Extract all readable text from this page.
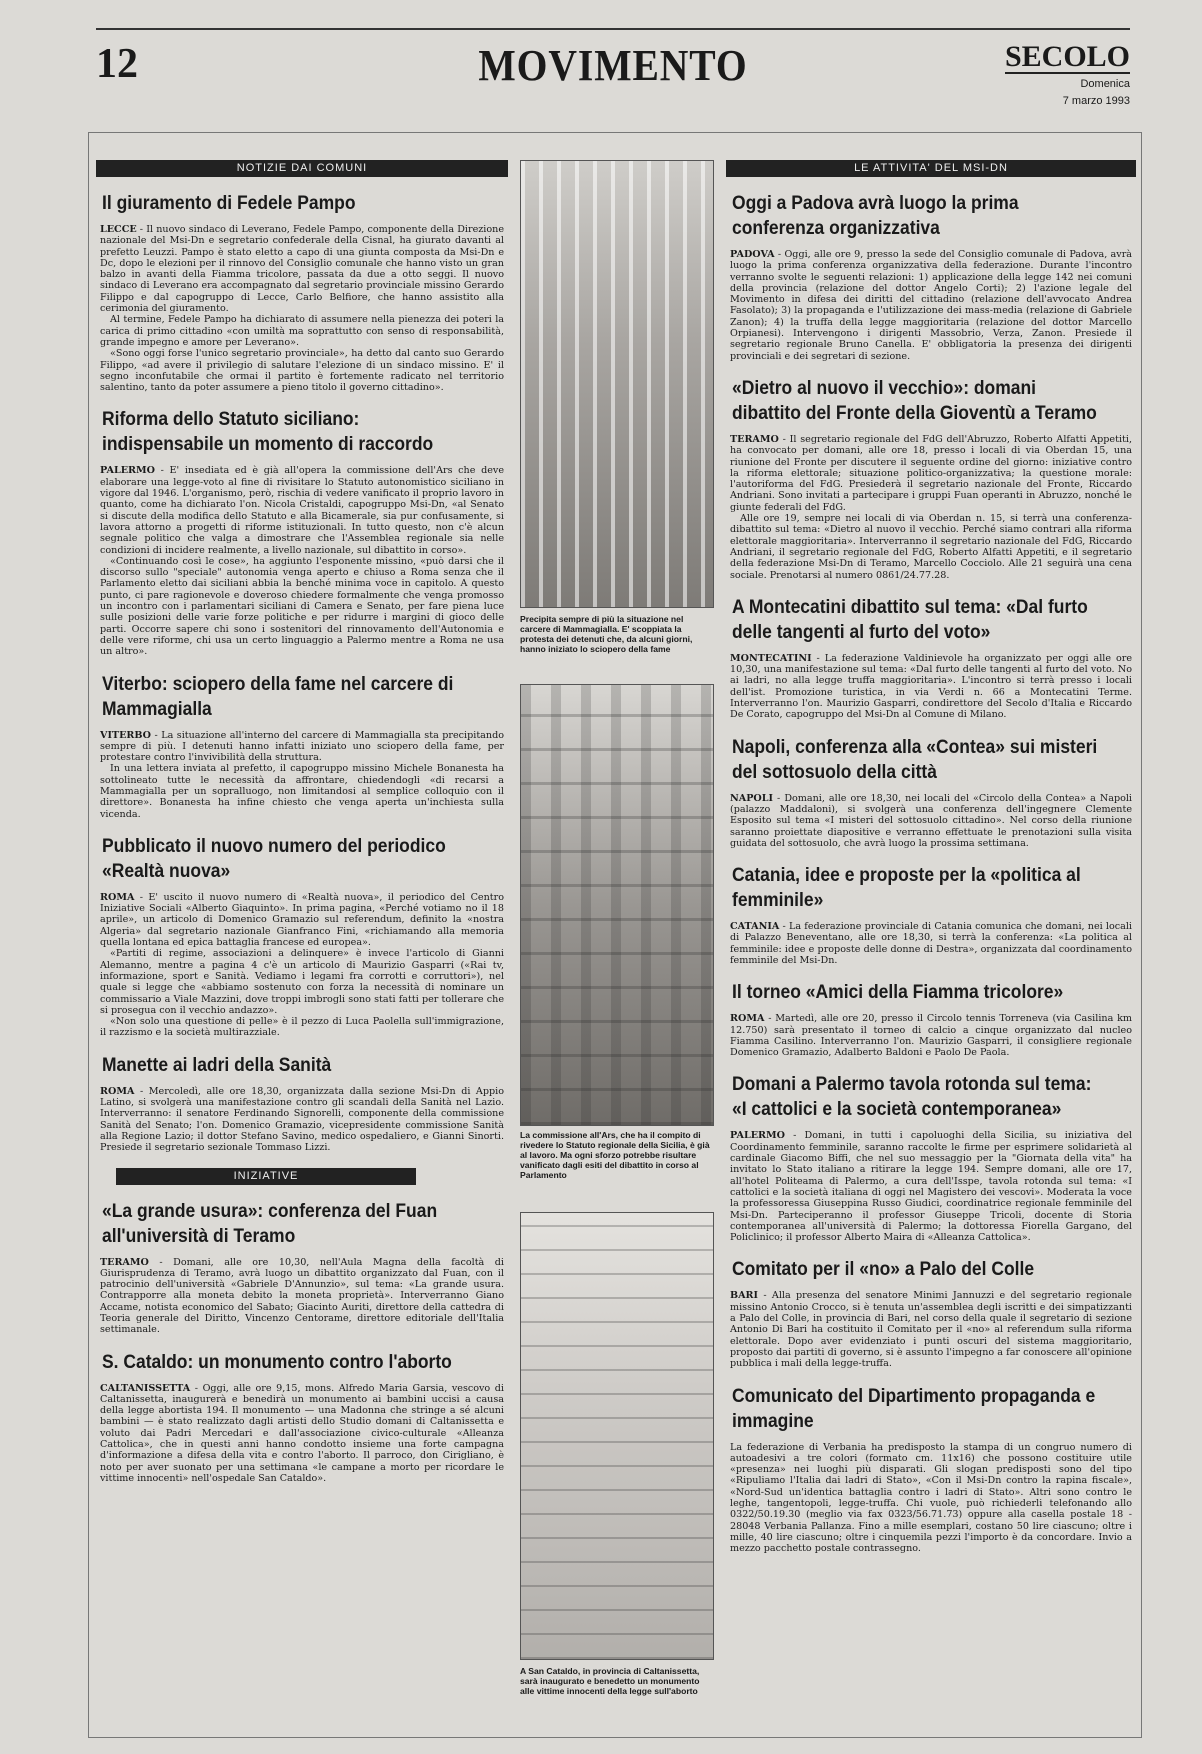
12	MOVIMENTO	SECOLO
Domenica
7 marzo 1993
NOTIZIE DAI COMUNI
Il giuramento di Fedele Pampo

LECCE - Il nuovo sindaco di Leverano, Fedele Pampo, componente della Direzione nazionale del Msi-Dn e segretario confederale della Cisnal, ha giurato davanti al prefetto Leuzzi. Pampo è stato eletto a capo di una giunta composta da Msi-Dn e Dc, dopo le elezioni per il rinnovo del Consiglio comunale che hanno visto un gran balzo in avanti della Fiamma tricolore, passata da due a otto seggi. Il nuovo sindaco di Leverano era accompagnato dal segretario provinciale missino Gerardo Filippo e dal capogruppo di Lecce, Carlo Belfiore, che hanno assistito alla cerimonia del giuramento.

Al termine, Fedele Pampo ha dichiarato di assumere nella pienezza dei poteri la carica di primo cittadino «con umiltà ma soprattutto con senso di responsabilità, grande impegno e amore per Leverano».

«Sono oggi forse l'unico segretario provinciale», ha detto dal canto suo Gerardo Filippo, «ad avere il privilegio di salutare l'elezione di un sindaco missino. E' il segno inconfutabile che ormai il partito è fortemente radicato nel territorio salentino, tanto da poter assumere a pieno titolo il governo cittadino».

Riforma dello Statuto siciliano: indispensabile un momento di raccordo

PALERMO - E' insediata ed è già all'opera la commissione dell'Ars che deve elaborare una legge-voto al fine di rivisitare lo Statuto autonomistico siciliano in vigore dal 1946. L'organismo, però, rischia di vedere vanificato il proprio lavoro in quanto, come ha dichiarato l'on. Nicola Cristaldi, capogruppo Msi-Dn, «al Senato si discute della modifica dello Statuto e alla Bicamerale, sia pur confusamente, si lavora attorno a progetti di riforme istituzionali. In tutto questo, non c'è alcun segnale politico che valga a dimostrare che l'Assemblea regionale sia nelle condizioni di incidere realmente, a livello nazionale, sul dibattito in corso».

«Continuando così le cose», ha aggiunto l'esponente missino, «può darsi che il discorso sullo "speciale" autonomia venga aperto e chiuso a Roma senza che il Parlamento eletto dai siciliani abbia la benché minima voce in capitolo. A questo punto, ci pare ragionevole e doveroso chiedere formalmente che venga promosso un incontro con i parlamentari siciliani di Camera e Senato, per fare piena luce sulle posizioni delle varie forze politiche e per ridurre i margini di gioco delle parti. Occorre sapere chi sono i sostenitori del rinnovamento dell'Autonomia e delle vere riforme, chi usa un certo linguaggio a Palermo mentre a Roma ne usa un altro».

Viterbo: sciopero della fame nel carcere di Mammagialla

VITERBO - La situazione all'interno del carcere di Mammagialla sta precipitando sempre di più. I detenuti hanno infatti iniziato uno sciopero della fame, per protestare contro l'invivibilità della struttura.

In una lettera inviata al prefetto, il capogruppo missino Michele Bonanesta ha sottolineato tutte le necessità da affrontare, chiedendogli «di recarsi a Mammagialla per un sopralluogo, non limitandosi al semplice colloquio con il direttore». Bonanesta ha infine chiesto che venga aperta un'inchiesta sulla vicenda.

Pubblicato il nuovo numero del periodico «Realtà nuova»

ROMA - E' uscito il nuovo numero di «Realtà nuova», il periodico del Centro Iniziative Sociali «Alberto Giaquinto». In prima pagina, «Perché votiamo no il 18 aprile», un articolo di Domenico Gramazio sul referendum, definito la «nostra Algeria» dal segretario nazionale Gianfranco Fini, «richiamando alla memoria quella lontana ed epica battaglia francese ed europea».

«Partiti di regime, associazioni a delinquere» è invece l'articolo di Gianni Alemanno, mentre a pagina 4 c'è un articolo di Maurizio Gasparri («Rai tv, informazione, sport e Sanità. Vediamo i legami fra corrotti e corruttori»), nel quale si legge che «abbiamo sostenuto con forza la necessità di nominare un commissario a Viale Mazzini, dove troppi imbrogli sono stati fatti per tollerare che si prosegua con il vecchio andazzo».

«Non solo una questione di pelle» è il pezzo di Luca Paolella sull'immigrazione, il razzismo e la società multirazziale.

Manette ai ladri della Sanità

ROMA - Mercoledì, alle ore 18,30, organizzata dalla sezione Msi-Dn di Appio Latino, si svolgerà una manifestazione contro gli scandali della Sanità nel Lazio. Interverranno: il senatore Ferdinando Signorelli, componente della commissione Sanità del Senato; l'on. Domenico Gramazio, vicepresidente commissione Sanità alla Regione Lazio; il dottor Stefano Savino, medico ospedaliero, e Gianni Sinorti. Presiede il segretario sezionale Tommaso Lizzi.

INIZIATIVE
«La grande usura»: conferenza del Fuan all'università di Teramo

TERAMO - Domani, alle ore 10,30, nell'Aula Magna della facoltà di Giurisprudenza di Teramo, avrà luogo un dibattito organizzato dal Fuan, con il patrocinio dell'università «Gabriele D'Annunzio», sul tema: «La grande usura. Contrapporre alla moneta debito la moneta proprietà». Interverranno Giano Accame, notista economico del Sabato; Giacinto Auriti, direttore della cattedra di Teoria generale del Diritto, Vincenzo Centorame, direttore editoriale dell'Italia settimanale.

S. Cataldo: un monumento contro l'aborto

CALTANISSETTA - Oggi, alle ore 9,15, mons. Alfredo Maria Garsia, vescovo di Caltanissetta, inaugurerà e benedirà un monumento ai bambini uccisi a causa della legge abortista 194. Il monumento — una Madonna che stringe a sé alcuni bambini — è stato realizzato dagli artisti dello Studio domani di Caltanissetta e voluto dai Padri Mercedari e dall'associazione civico-culturale «Alleanza Cattolica», che in questi anni hanno condotto insieme una forte campagna d'informazione a difesa della vita e contro l'aborto. Il parroco, don Cirigliano, è noto per aver suonato per una settimana «le campane a morto per ricordare le vittime innocenti» nell'ospedale San Cataldo».

Precipita sempre di più la situazione nel carcere di Mammagialla. E' scoppiata la protesta dei detenuti che, da alcuni giorni, hanno iniziato lo sciopero della fame
La commissione all'Ars, che ha il compito di rivedere lo Statuto regionale della Sicilia, è già al lavoro. Ma ogni sforzo potrebbe risultare vanificato dagli esiti del dibattito in corso al Parlamento
A San Cataldo, in provincia di Caltanissetta, sarà inaugurato e benedetto un monumento alle vittime innocenti della legge sull'aborto
LE ATTIVITA' DEL MSI-DN
Oggi a Padova avrà luogo la prima conferenza organizzativa

PADOVA - Oggi, alle ore 9, presso la sede del Consiglio comunale di Padova, avrà luogo la prima conferenza organizzativa della federazione. Durante l'incontro verranno svolte le seguenti relazioni: 1) applicazione della legge 142 nei comuni della provincia (relazione del dottor Angelo Corti); 2) l'azione legale del Movimento in difesa dei diritti del cittadino (relazione dell'avvocato Andrea Fasolato); 3) la propaganda e l'utilizzazione dei mass-media (relazione di Gabriele Zanon); 4) la truffa della legge maggioritaria (relazione del dottor Marcello Orpianesi). Intervengono i dirigenti Massobrio, Verza, Zanon. Presiede il segretario regionale Bruno Canella. E' obbligatoria la presenza dei dirigenti provinciali e dei segretari di sezione.

«Dietro al nuovo il vecchio»: domani dibattito del Fronte della Gioventù a Teramo

TERAMO - Il segretario regionale del FdG dell'Abruzzo, Roberto Alfatti Appetiti, ha convocato per domani, alle ore 18, presso i locali di via Oberdan 15, una riunione del Fronte per discutere il seguente ordine del giorno: iniziative contro la riforma elettorale; situazione politico-organizzativa; la questione morale: l'autoriforma del FdG. Presiederà il segretario nazionale del Fronte, Riccardo Andriani. Sono invitati a partecipare i gruppi Fuan operanti in Abruzzo, nonché le giunte federali del FdG.

Alle ore 19, sempre nei locali di via Oberdan n. 15, si terrà una conferenza-dibattito sul tema: «Dietro al nuovo il vecchio. Perché siamo contrari alla riforma elettorale maggioritaria». Interverranno il segretario nazionale del FdG, Riccardo Andriani, il segretario regionale del FdG, Roberto Alfatti Appetiti, e il segretario della federazione Msi-Dn di Teramo, Marcello Cocciolo. Alle 21 seguirà una cena sociale. Prenotarsi al numero 0861/24.77.28.

A Montecatini dibattito sul tema: «Dal furto delle tangenti al furto del voto»

MONTECATINI - La federazione Valdinievole ha organizzato per oggi alle ore 10,30, una manifestazione sul tema: «Dal furto delle tangenti al furto del voto. No ai ladri, no alla legge truffa maggioritaria». L'incontro si terrà presso i locali dell'ist. Promozione turistica, in via Verdi n. 66 a Montecatini Terme. Interverranno l'on. Maurizio Gasparri, condirettore del Secolo d'Italia e Riccardo De Corato, capogruppo del Msi-Dn al Comune di Milano.

Napoli, conferenza alla «Contea» sui misteri del sottosuolo della città

NAPOLI - Domani, alle ore 18,30, nei locali del «Circolo della Contea» a Napoli (palazzo Maddaloni), si svolgerà una conferenza dell'ingegnere Clemente Esposito sul tema «I misteri del sottosuolo cittadino». Nel corso della riunione saranno proiettate diapositive e verranno effettuate le prenotazioni sulla visita guidata del sottosuolo, che avrà luogo la prossima settimana.

Catania, idee e proposte per la «politica al femminile»

CATANIA - La federazione provinciale di Catania comunica che domani, nei locali di Palazzo Beneventano, alle ore 18,30, si terrà la conferenza: «La politica al femminile: idee e proposte delle donne di Destra», organizzata dal coordinamento femminile del Msi-Dn.

Il torneo «Amici della Fiamma tricolore»

ROMA - Martedì, alle ore 20, presso il Circolo tennis Torreneva (via Casilina km 12.750) sarà presentato il torneo di calcio a cinque organizzato dal nucleo Fiamma Casilino. Interverranno l'on. Maurizio Gasparri, il consigliere regionale Domenico Gramazio, Adalberto Baldoni e Paolo De Paola.

Domani a Palermo tavola rotonda sul tema: «I cattolici e la società contemporanea»

PALERMO - Domani, in tutti i capoluoghi della Sicilia, su iniziativa del Coordinamento femminile, saranno raccolte le firme per esprimere solidarietà al cardinale Giacomo Biffi, che nel suo messaggio per la "Giornata della vita" ha invitato lo Stato italiano a ritirare la legge 194. Sempre domani, alle ore 17, all'hotel Politeama di Palermo, a cura dell'Isspe, tavola rotonda sul tema: «I cattolici e la società italiana di oggi nel Magistero dei vescovi». Moderata la voce la professoressa Giuseppina Russo Giudici, coordinatrice regionale femminile del Msi-Dn. Parteciperanno il professor Giuseppe Tricoli, docente di Storia contemporanea all'università di Palermo; la dottoressa Fiorella Gargano, del Policlinico; il professor Alberto Maira di «Alleanza Cattolica».

Comitato per il «no» a Palo del Colle

BARI - Alla presenza del senatore Minimi Jannuzzi e del segretario regionale missino Antonio Crocco, si è tenuta un'assemblea degli iscritti e dei simpatizzanti a Palo del Colle, in provincia di Bari, nel corso della quale il segretario di sezione Antonio Di Bari ha costituito il Comitato per il «no» al referendum sulla riforma elettorale. Dopo aver evidenziato i punti oscuri del sistema maggioritario, proposto dai partiti di governo, si è assunto l'impegno a far conoscere all'opinione pubblica i mali della legge-truffa.

Comunicato del Dipartimento propaganda e immagine

La federazione di Verbania ha predisposto la stampa di un congruo numero di autoadesivi a tre colori (formato cm. 11x16) che possono costituire utile «presenza» nei luoghi più disparati. Gli slogan predisposti sono del tipo «Ripuliamo l'Italia dai ladri di Stato», «Con il Msi-Dn contro la rapina fiscale», «Nord-Sud un'identica battaglia contro i ladri di Stato». Altri sono contro le leghe, tangentopoli, legge-truffa. Chi vuole, può richiederli telefonando allo 0322/50.19.30 (meglio via fax 0323/56.71.73) oppure alla casella postale 18 - 28048 Verbania Pallanza. Fino a mille esemplari, costano 50 lire ciascuno; oltre i mille, 40 lire ciascuno; oltre i cinquemila pezzi l'importo è da concordare. Invio a mezzo pacchetto postale contrassegno.
